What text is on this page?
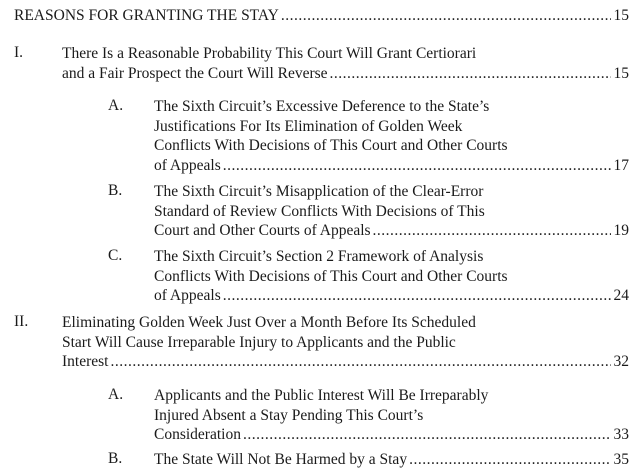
REASONS FOR GRANTING THE STAY .....	15
I.	There Is a Reasonable Probability This Court Will Grant Certiorari
and a Fair Prospect the Court Will Reverse .....	15
A. The Sixth Circuit’s Excessive Deference to the State’s
Justifications For Its Elimination of Golden Week
Conflicts With Decisions of This Court and Other Courts
of Appeals .....	17
B. The Sixth Circuit’s Misapplication of the Clear-Error
Standard of Review Conflicts With Decisions of This
Court and Other Courts of Appeals .....	19
C. The Sixth Circuit’s Section 2 Framework of Analysis
Conflicts With Decisions of This Court and Other Courts
of Appeals .....	24
II. Eliminating Golden Week Just Over a Month Before Its Scheduled
Start Will Cause Irreparable Injury to Applicants and the Public
Interest .....	32
A. Applicants and the Public Interest Will Be Irreparably
Injured Absent a Stay Pending This Court’s
Consideration .....	33
B. The State Will Not Be Harmed by a Stay .....	35
